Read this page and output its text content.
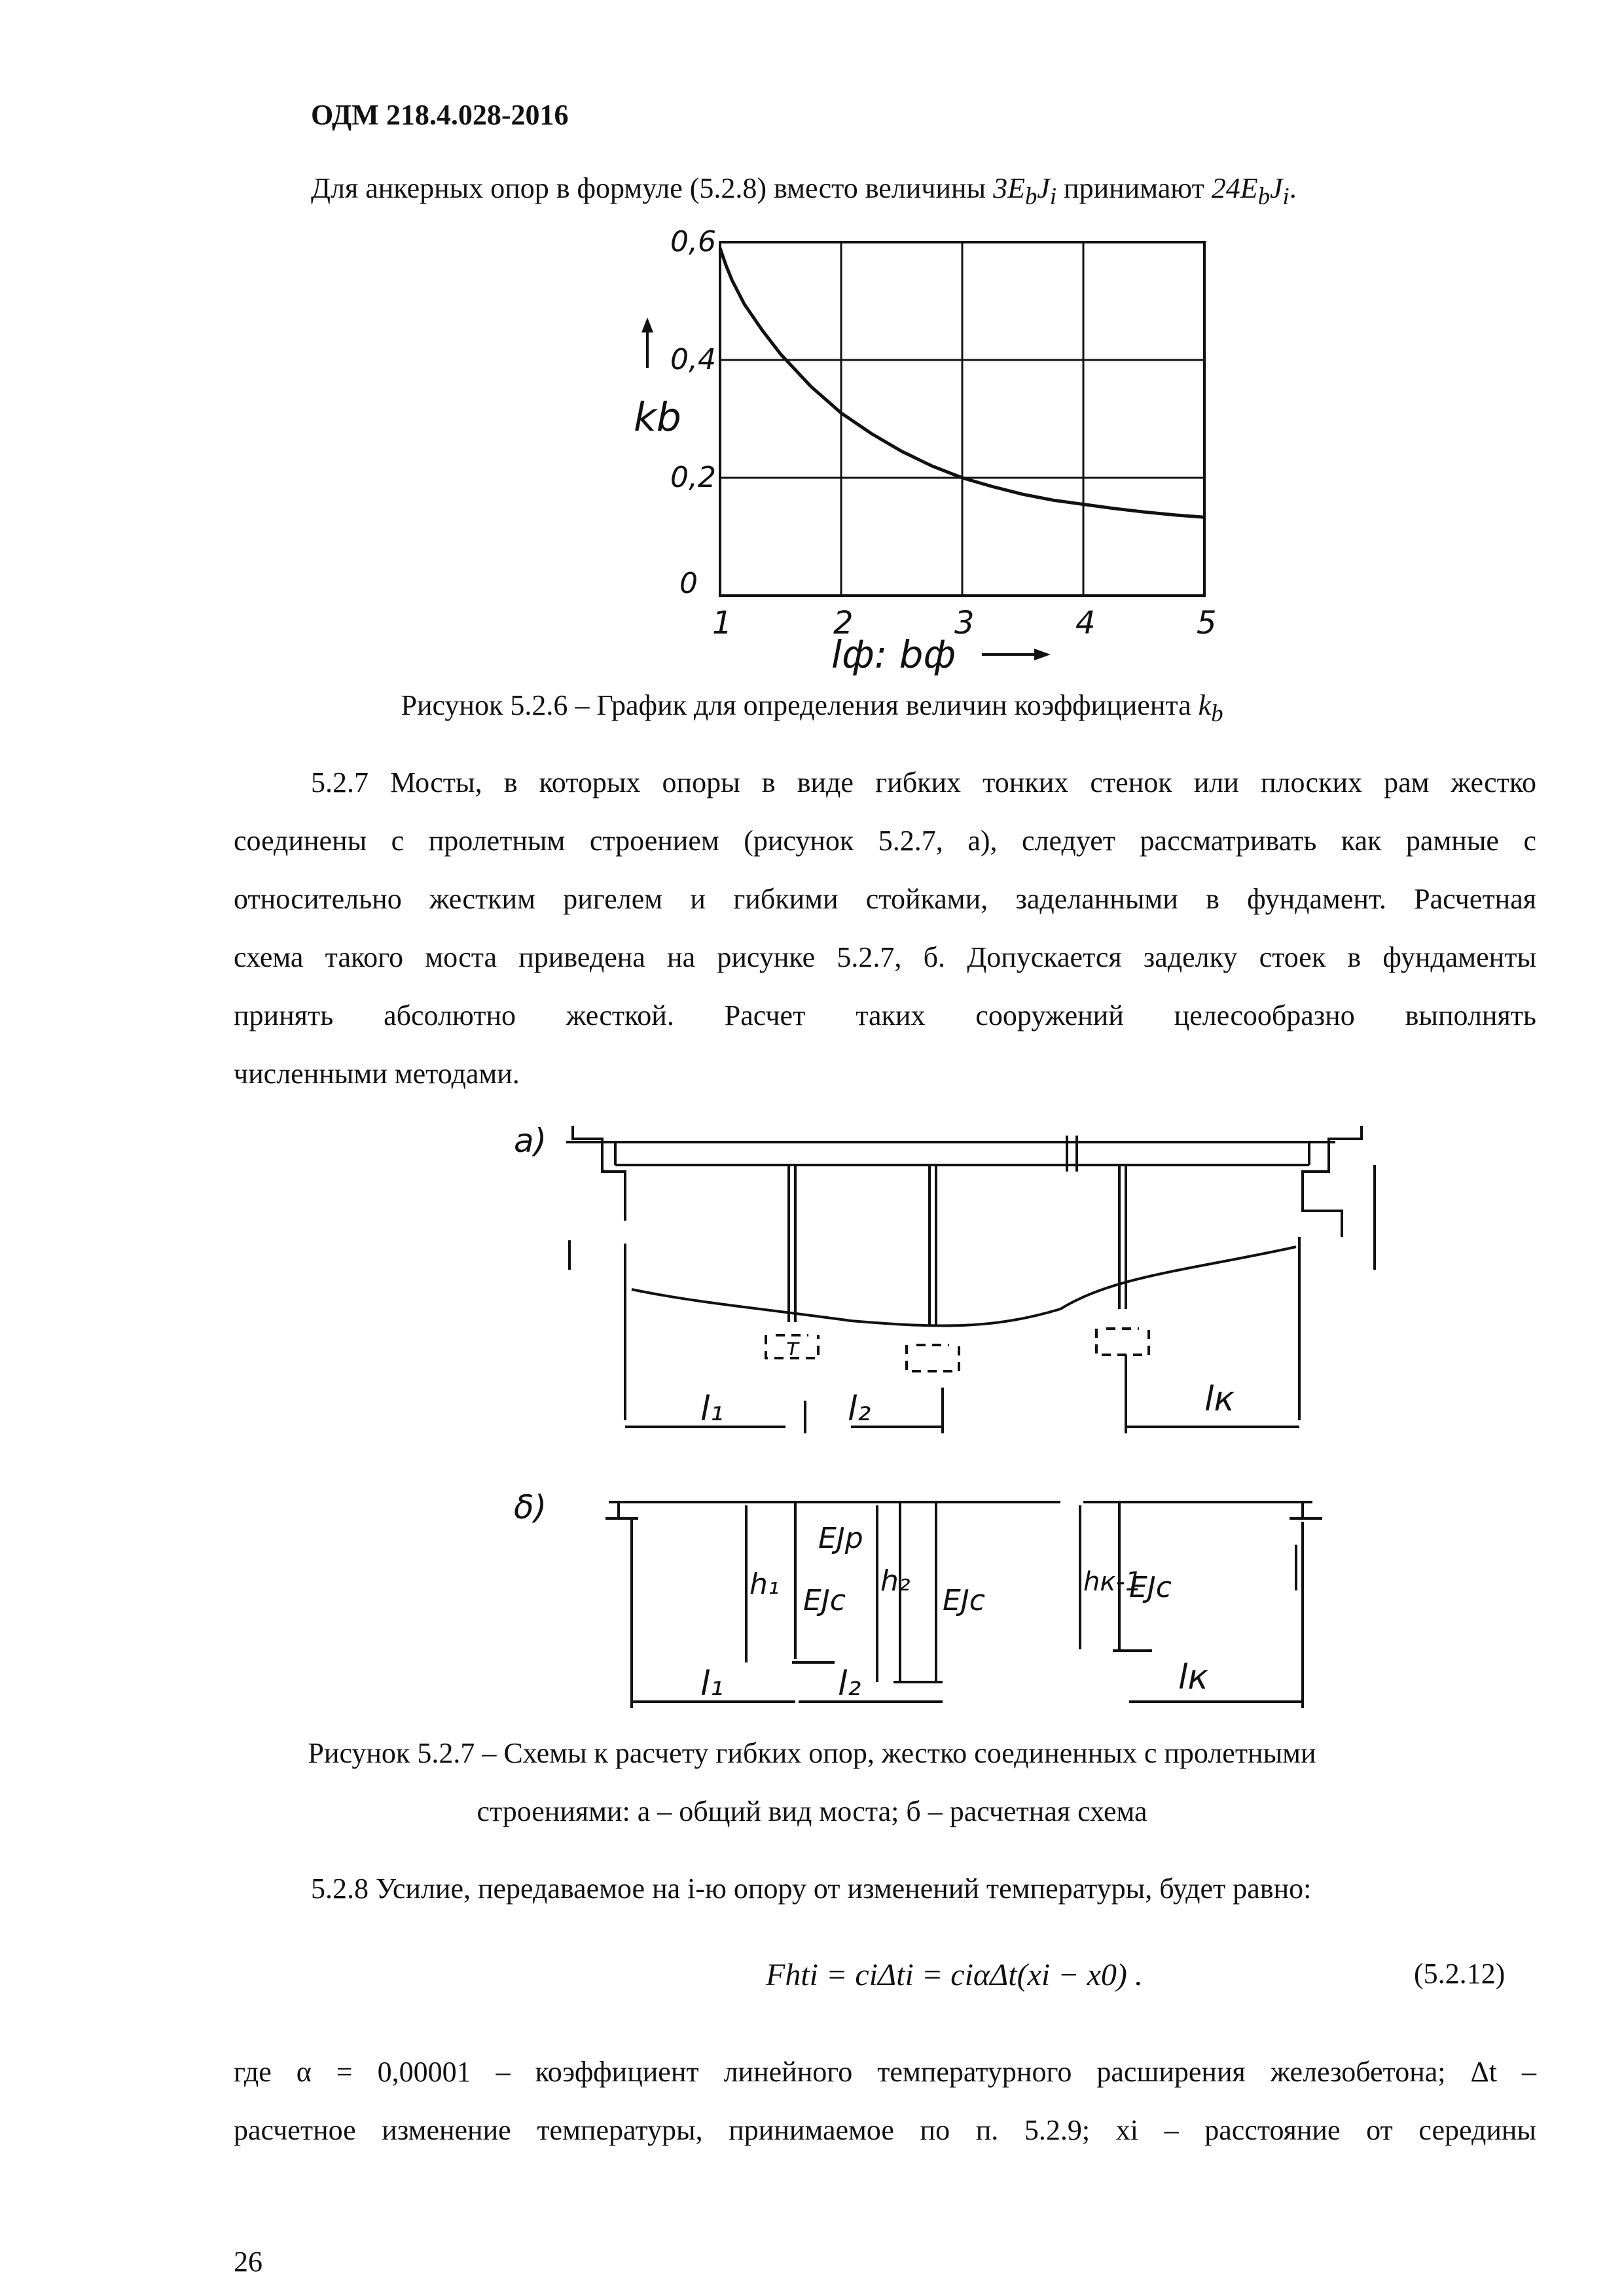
ОДМ 218.4.028-2016
Для анкерных опор в формуле (5.2.8) вместо величины $3E_bJ_i$ принимают $24E_bJ_i$.
1	2	3	4	5
0
0,2
0,4
0,6
kb
lф: bф
Рисунок 5.2.6 – График для определения величин коэффициента $k_b$
5.2.7 Мосты, в которых опоры в виде гибких тонких стенок или плоских рам жестко
соединены с пролетным строением (рисунок 5.2.7, а), следует рассматривать как рамные с
относительно жестким ригелем и гибкими стойками, заделанными в фундамент. Расчетная
схема такого моста приведена на рисунке 5.2.7, б. Допускается заделку стоек в фундаменты
принять абсолютно жесткой. Расчет таких сооружений целесообразно выполнять
численными методами.
а)
δ)
т
l₁	l₂	lк
EJр
h₁ EJс
h₂
EJс
hк-1
EJс
l₁	l₂	lк
Рисунок 5.2.7 – Схемы к расчету гибких опор, жестко соединенных с пролетными
строениями: а – общий вид моста; б – расчетная схема
5.2.8 Усилие, передаваемое на i-ю опору от изменений температуры, будет равно:
Fhti = ciΔti = ciαΔt(xi − x0) .	(5.2.12)
где α = 0,00001 – коэффициент линейного температурного расширения железобетона; Δt –
расчетное изменение температуры, принимаемое по п. 5.2.9; xi – расстояние от середины
26
